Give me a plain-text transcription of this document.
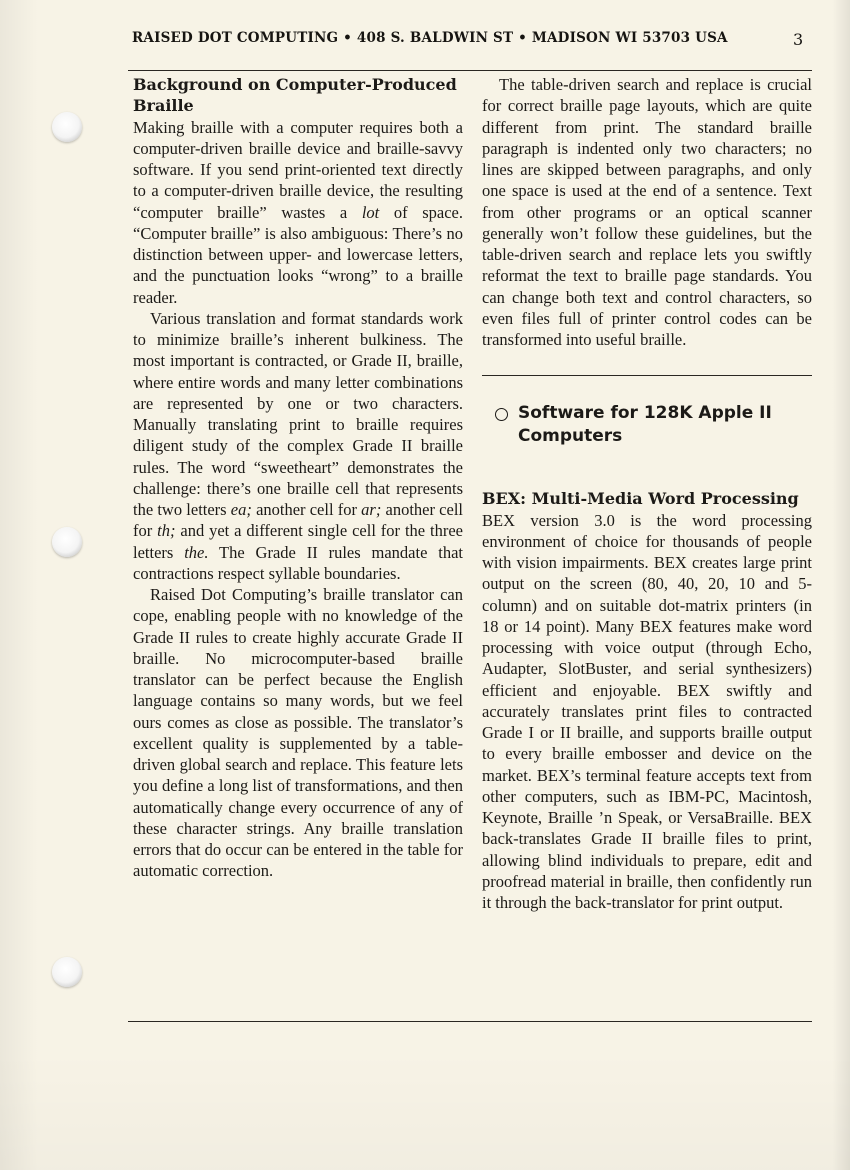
RAISED DOT COMPUTING • 408 S. BALDWIN ST • MADISON WI 53703 USA	3
Background on Computer-Produced Braille

Making braille with a computer requires both a computer-driven braille device and braille-savvy software. If you send print-oriented text directly to a computer-driven braille device, the resulting “computer braille” wastes a lot of space. “Computer braille” is also ambiguous: There’s no distinction between upper- and lowercase letters, and the punctuation looks “wrong” to a braille reader.

Various translation and format standards work to minimize braille’s inherent bulkiness. The most important is contracted, or Grade II, braille, where entire words and many letter combinations are represented by one or two characters. Manually translating print to braille requires diligent study of the complex Grade II braille rules. The word “sweetheart” demonstrates the challenge: there’s one braille cell that represents the two letters ea; another cell for ar; another cell for th; and yet a different single cell for the three letters the. The Grade II rules mandate that contractions respect syllable boundaries.

Raised Dot Computing’s braille translator can cope, enabling people with no knowledge of the Grade II rules to create highly accurate Grade II braille. No microcomputer-based braille translator can be perfect because the English language contains so many words, but we feel ours comes as close as possible. The translator’s excellent quality is supplemented by a table-driven global search and replace. This feature lets you define a long list of transformations, and then automatically change every occurrence of any of these character strings. Any braille translation errors that do occur can be entered in the table for automatic correction.

The table-driven search and replace is crucial for correct braille page layouts, which are quite different from print. The standard braille paragraph is indented only two characters; no lines are skipped between paragraphs, and only one space is used at the end of a sentence. Text from other programs or an optical scanner generally won’t follow these guidelines, but the table-driven search and replace lets you swiftly reformat the text to braille page standards. You can change both text and control characters, so even files full of printer control codes can be transformed into useful braille.

Software for 128K Apple II Computers
BEX: Multi-Media Word Processing

BEX version 3.0 is the word processing environment of choice for thousands of people with vision impairments. BEX creates large print output on the screen (80, 40, 20, 10 and 5-column) and on suitable dot-matrix printers (in 18 or 14 point). Many BEX features make word processing with voice output (through Echo, Audapter, SlotBuster, and serial synthesizers) efficient and enjoyable. BEX swiftly and accurately translates print files to contracted Grade I or II braille, and supports braille output to every braille embosser and device on the market. BEX’s terminal feature accepts text from other computers, such as IBM-PC, Macintosh, Keynote, Braille ’n Speak, or VersaBraille. BEX back-translates Grade II braille files to print, allowing blind individuals to prepare, edit and proofread material in braille, then confidently run it through the back-translator for print output.
